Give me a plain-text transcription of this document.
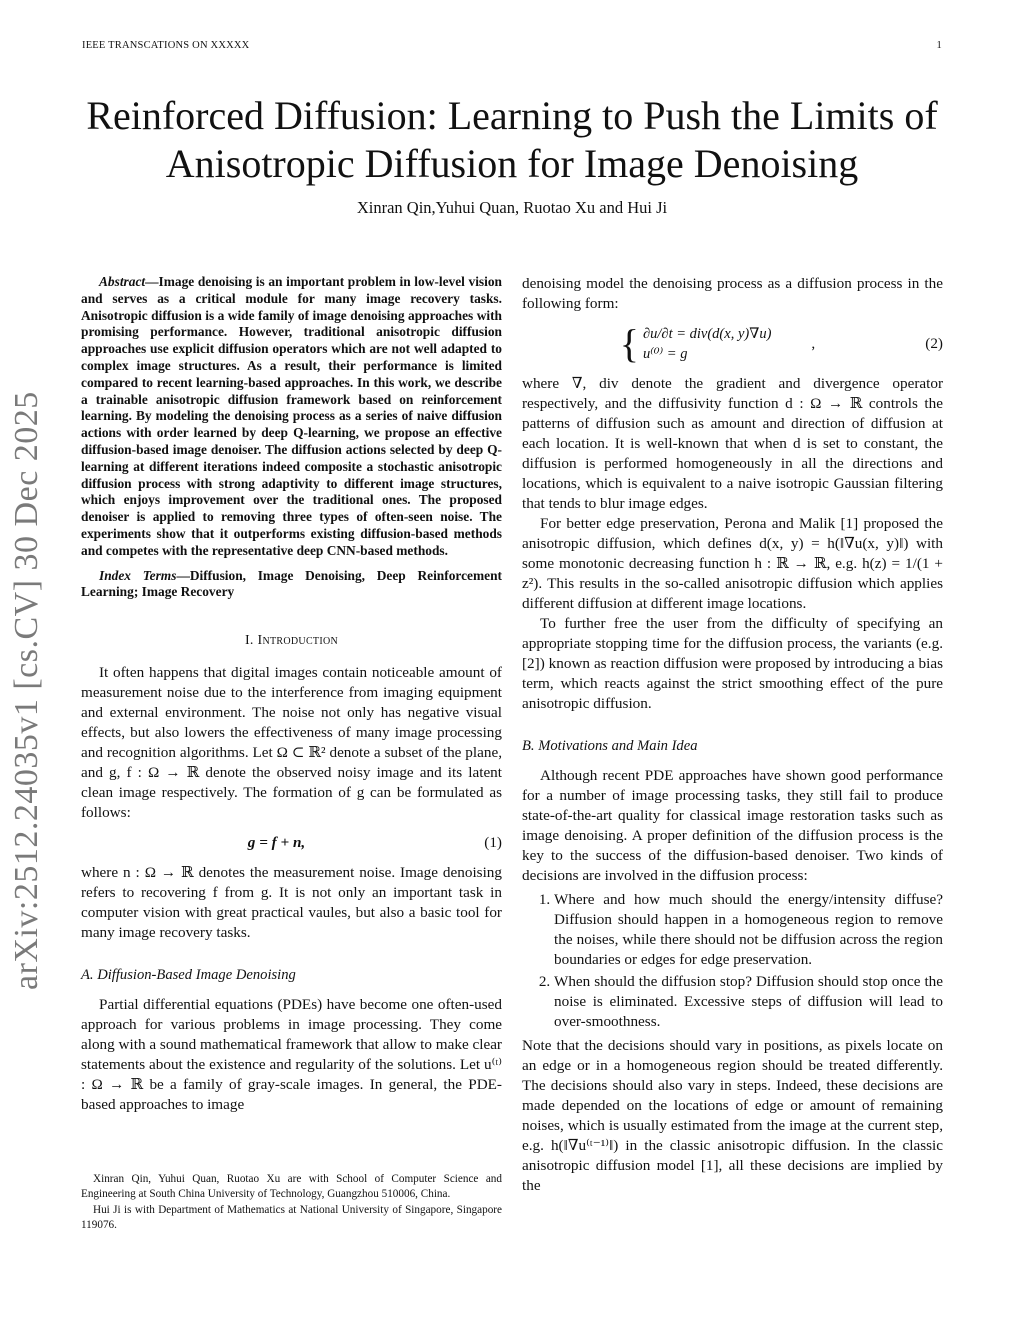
IEEE TRANSCATIONS ON XXXXX	1
arXiv:2512.24035v1 [cs.CV] 30 Dec 2025
Reinforced Diffusion: Learning to Push the Limits of Anisotropic Diffusion for Image Denoising
Xinran Qin,Yuhui Quan, Ruotao Xu and Hui Ji

Abstract—Image denoising is an important problem in low-level vision and serves as a critical module for many image recovery tasks. Anisotropic diffusion is a wide family of image denoising approaches with promising performance. However, traditional anisotropic diffusion approaches use explicit diffusion operators which are not well adapted to complex image structures. As a result, their performance is limited compared to recent learning-based approaches. In this work, we describe a trainable anisotropic diffusion framework based on reinforcement learning. By modeling the denoising process as a series of naive diffusion actions with order learned by deep Q-learning, we propose an effective diffusion-based image denoiser. The diffusion actions selected by deep Q-learning at different iterations indeed composite a stochastic anisotropic diffusion process with strong adaptivity to different image structures, which enjoys improvement over the traditional ones. The proposed denoiser is applied to removing three types of often-seen noise. The experiments show that it outperforms existing diffusion-based methods and competes with the representative deep CNN-based methods.

Index Terms—Diffusion, Image Denoising, Deep Reinforcement Learning; Image Recovery

I. Introduction

It often happens that digital images contain noticeable amount of measurement noise due to the interference from imaging equipment and external environment. The noise not only has negative visual effects, but also lowers the effectiveness of many image processing and recognition algorithms. Let Ω ⊂ ℝ² denote a subset of the plane, and g, f : Ω → ℝ denote the observed noisy image and its latent clean image respectively. The formation of g can be formulated as follows:

g = f + n,	(1)

where n : Ω → ℝ denotes the measurement noise. Image denoising refers to recovering f from g. It is not only an important task in computer vision with great practical vaules, but also a basic tool for many image recovery tasks.

A. Diffusion-Based Image Denoising

Partial differential equations (PDEs) have become one often-used approach for various problems in image processing. They come along with a sound mathematical framework that allow to make clear statements about the existence and regularity of the solutions. Let u⁽ᵗ⁾ : Ω → ℝ be a family of gray-scale images. In general, the PDE-based approaches to image

denoising model the denoising process as a diffusion process in the following form:

{ ∂u/∂t = div(d(x, y)∇u)
u⁽⁰⁾ = g
,	(2)

where ∇, div denote the gradient and divergence operator respectively, and the diffusivity function d : Ω → ℝ controls the patterns of diffusion such as amount and direction of diffusion at each location. It is well-known that when d is set to constant, the diffusion is performed homogeneously in all the directions and locations, which is equivalent to a naive isotropic Gaussian filtering that tends to blur image edges.

For better edge preservation, Perona and Malik [1] proposed the anisotropic diffusion, which defines d(x, y) = h(‖∇u(x, y)‖) with some monotonic decreasing function h : ℝ → ℝ, e.g. h(z) = 1/(1 + z²). This results in the so-called anisotropic diffusion which applies different diffusion at different image locations.

To further free the user from the difficulty of specifying an appropriate stopping time for the diffusion process, the variants (e.g. [2]) known as reaction diffusion were proposed by introducing a bias term, which reacts against the strict smoothing effect of the pure anisotropic diffusion.

B. Motivations and Main Idea

Although recent PDE approaches have shown good performance for a number of image processing tasks, they still fail to produce state-of-the-art quality for classical image restoration tasks such as image denoising. A proper definition of the diffusion process is the key to the success of the diffusion-based denoiser. Two kinds of decisions are involved in the diffusion process:

1. Where and how much should the energy/intensity diffuse? Diffusion should happen in a homogeneous region to remove the noises, while there should not be diffusion across the region boundaries or edges for edge preservation.
2. When should the diffusion stop? Diffusion should stop once the noise is eliminated. Excessive steps of diffusion will lead to over-smoothness.

Note that the decisions should vary in positions, as pixels locate on an edge or in a homogeneous region should be treated differently. The decisions should also vary in steps. Indeed, these decisions are made depended on the locations of edge or amount of remaining noises, which is usually estimated from the image at the current step, e.g. h(‖∇u⁽ᵗ⁻¹⁾‖) in the classic anisotropic diffusion. In the classic anisotropic diffusion model [1], all these decisions are implied by the

Xinran Qin, Yuhui Quan, Ruotao Xu are with School of Computer Science and Engineering at South China University of Technology, Guangzhou 510006, China.

Hui Ji is with Department of Mathematics at National University of Singapore, Singapore 119076.
